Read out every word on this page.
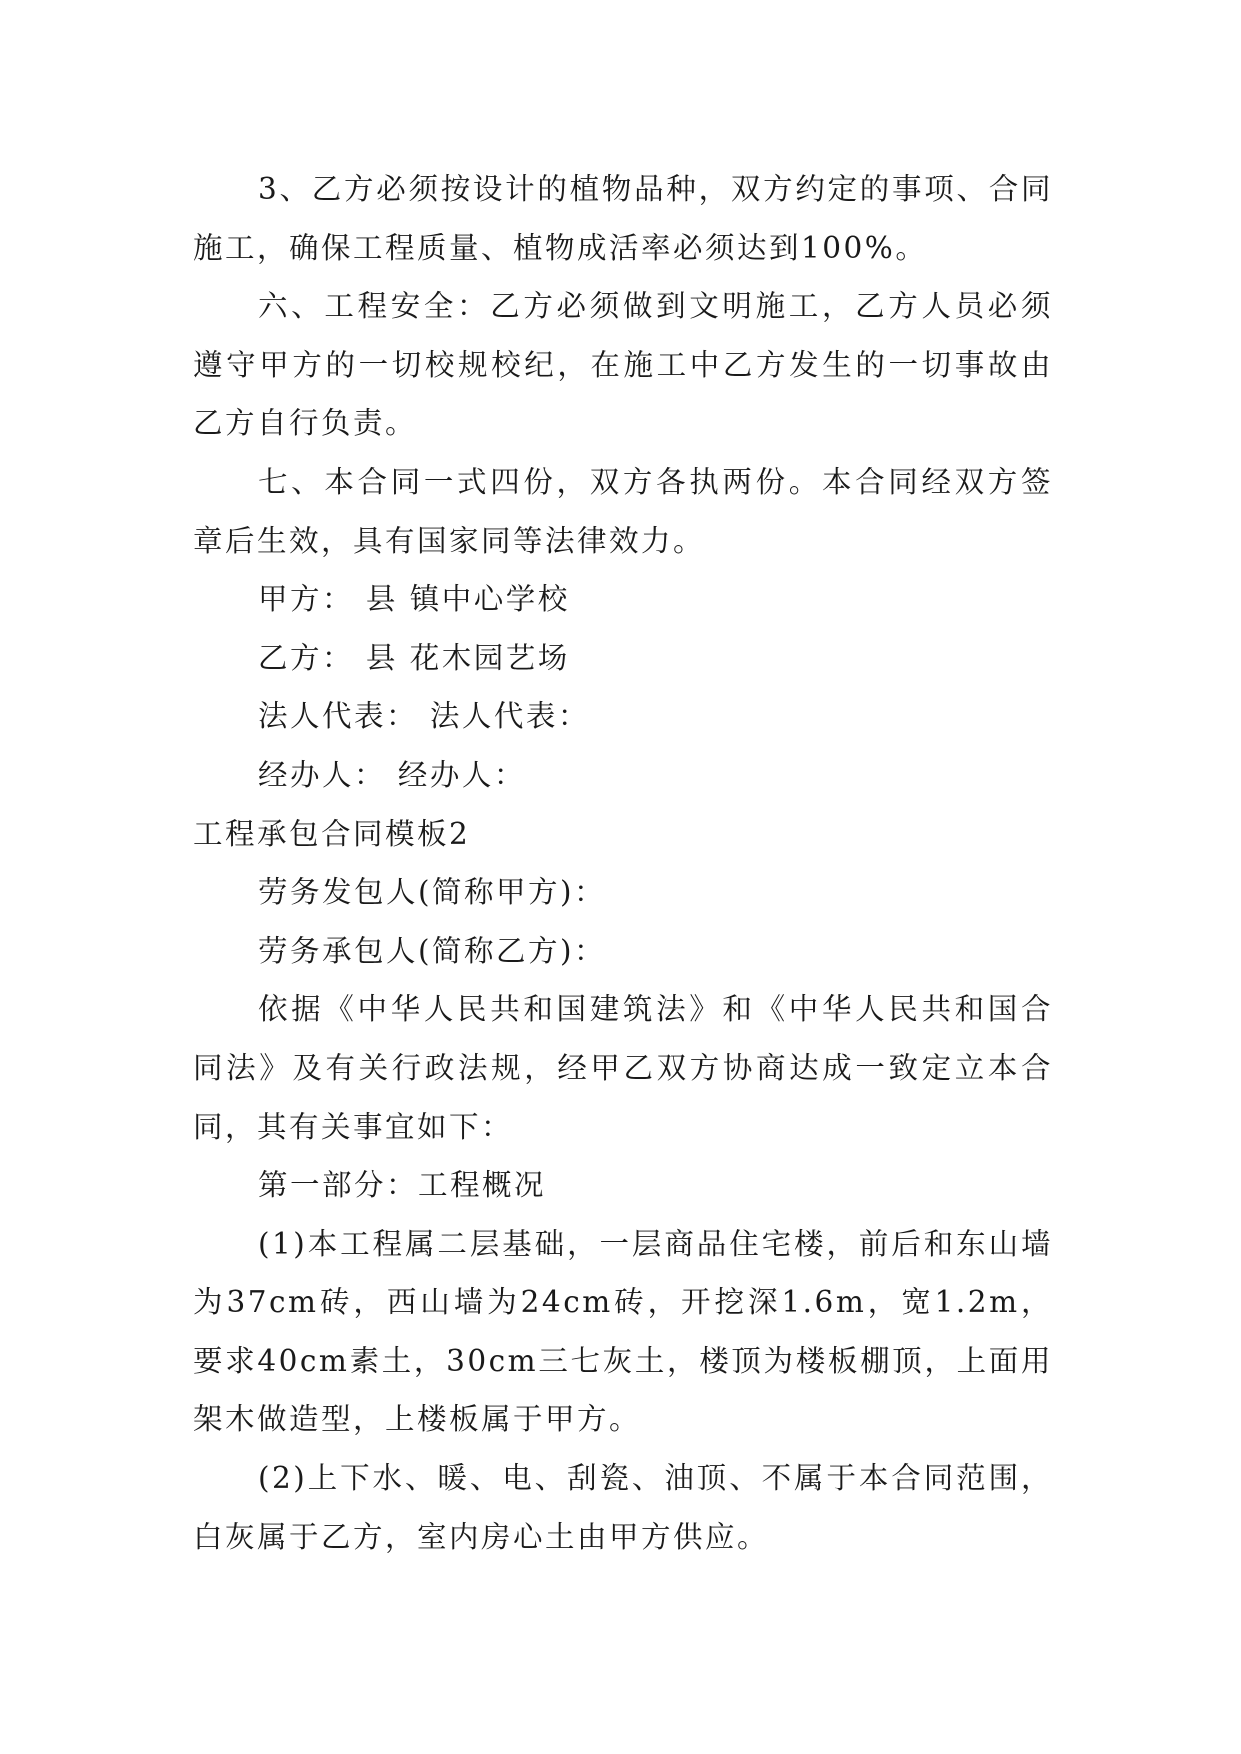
3、乙方必须按设计的植物品种，双方约定的事项、合同施工，确保工程质量、植物成活率必须达到100%。

六、工程安全：乙方必须做到文明施工，乙方人员必须遵守甲方的一切校规校纪，在施工中乙方发生的一切事故由乙方自行负责。

七、本合同一式四份，双方各执两份。本合同经双方签章后生效，具有国家同等法律效力。

甲方： 县 镇中心学校

乙方： 县 花木园艺场

法人代表： 法人代表：

经办人： 经办人：

工程承包合同模板2

劳务发包人(简称甲方)：

劳务承包人(简称乙方)：

依据《中华人民共和国建筑法》和《中华人民共和国合同法》及有关行政法规，经甲乙双方协商达成一致定立本合同，其有关事宜如下：

第一部分：工程概况

(1)本工程属二层基础，一层商品住宅楼，前后和东山墙为37cm砖，西山墙为24cm砖，开挖深1.6m，宽1.2m，要求40cm素土，30cm三七灰土，楼顶为楼板棚顶，上面用架木做造型，上楼板属于甲方。

(2)上下水、暖、电、刮瓷、油顶、不属于本合同范围，白灰属于乙方，室内房心土由甲方供应。
